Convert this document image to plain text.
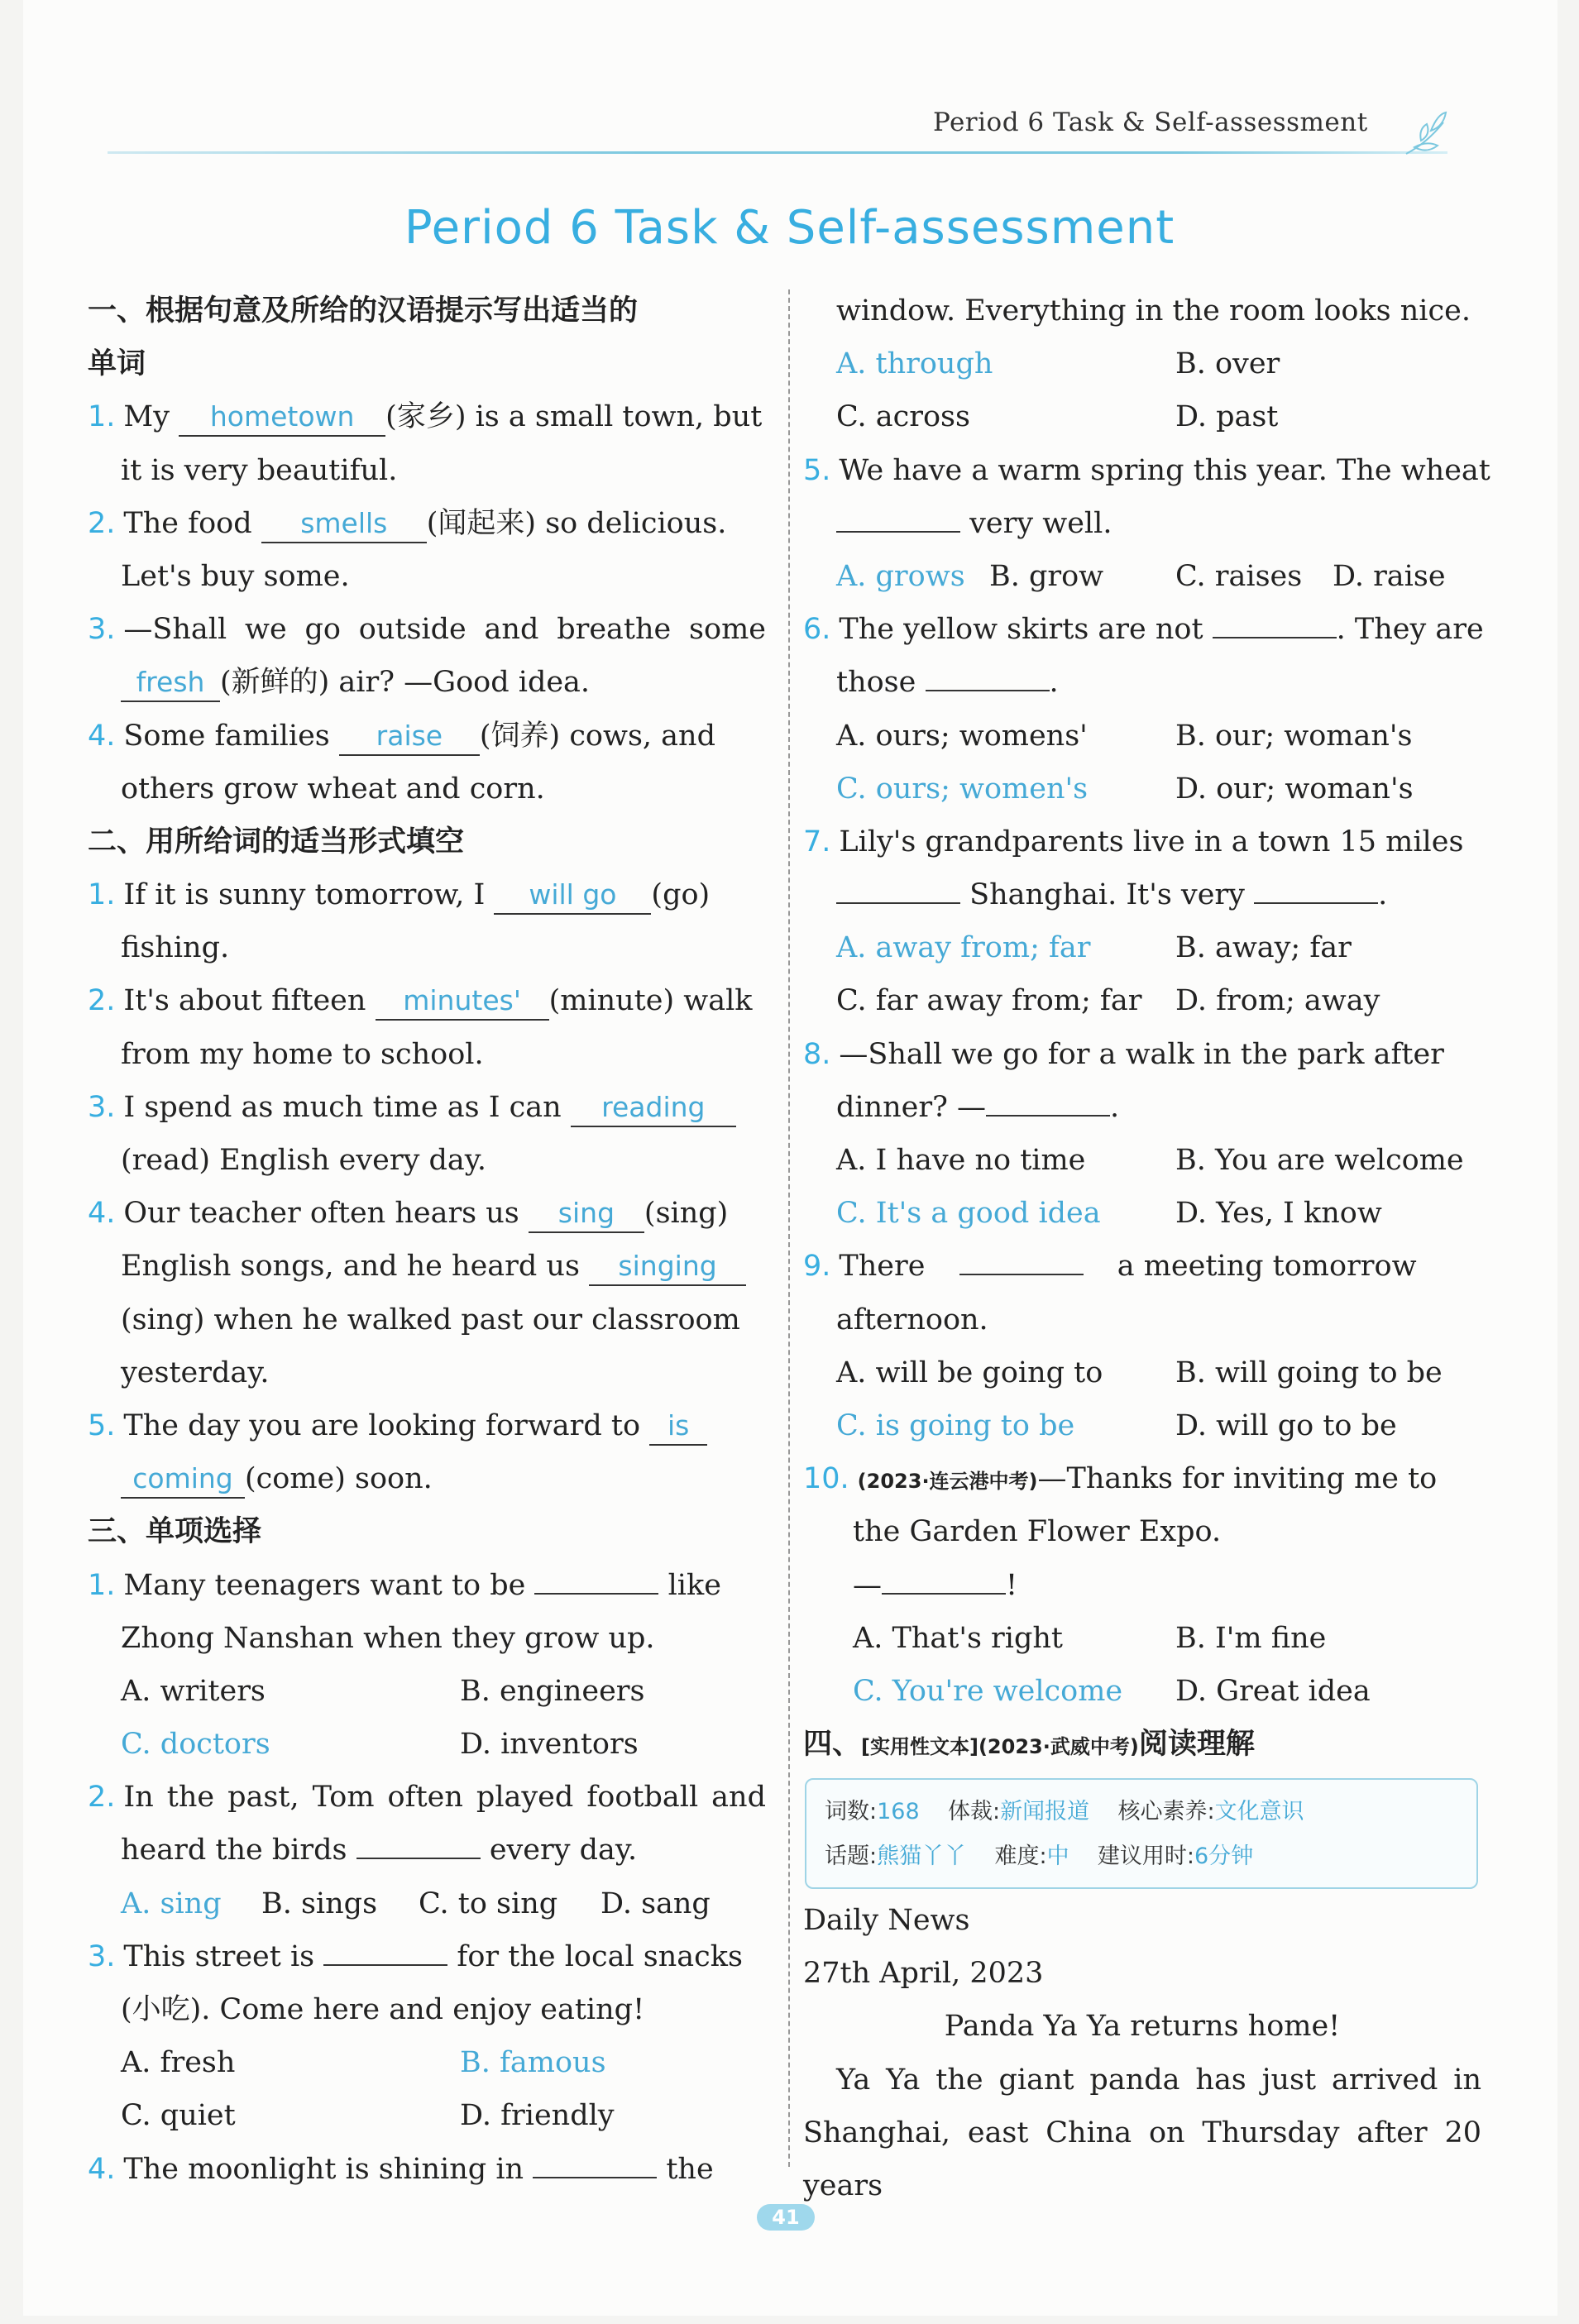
Period 6 Task & Self-assessment
Period 6 Task & Self-assessment
一、根据句意及所给的汉语提示写出适当的
单词
1. My hometown (家乡) is a small town, but
it is very beautiful.
2. The food smells (闻起来) so delicious.
Let's buy some.
3. —Shall we go outside and breathe some
fresh (新鲜的) air? —Good idea.
4. Some families raise (饲养) cows, and
others grow wheat and corn.
二、用所给词的适当形式填空
1. If it is sunny tomorrow, I will go (go)
fishing.
2. It's about fifteen minutes' (minute) walk
from my home to school.
3. I spend as much time as I can reading
(read) English every day.
4. Our teacher often hears us sing (sing)
English songs, and he heard us singing
(sing) when he walked past our classroom
yesterday.
5. The day you are looking forward to is
coming (come) soon.
三、单项选择
1. Many teenagers want to be	like
Zhong Nanshan when they grow up.
A. writers	B. engineers
C. doctors	D. inventors
2. In the past, Tom often played football and
heard the birds	every day.
A. sing B. sings C. to sing D. sang
3. This street is	for the local snacks
(小吃). Come here and enjoy eating!
A. fresh	B. famous
C. quiet	D. friendly
4. The moonlight is shining in	the
window. Everything in the room looks nice.
A. through	B. over
C. across	D. past
5. We have a warm spring this year. The wheat
very well.
A. grows B. grow C. raises D. raise
6. The yellow skirts are not	. They are
those	.
A. ours; womens'	B. our; woman's
C. ours; women's	D. our; woman's
7. Lily's grandparents live in a town 15 miles
Shanghai. It's very	.
A. away from; far	B. away; far
C. far away from; far D. from; away
8. —Shall we go for a walk in the park after
dinner? —	.
A. I have no time	B. You are welcome
C. It's a good idea	D. Yes, I know
9. There	a meeting tomorrow
afternoon.
A. will be going to	B. will going to be
C. is going to be	D. will go to be
10. (2023·连云港中考)—Thanks for inviting me to
the Garden Flower Expo.
—	!
A. That's right	B. I'm fine
C. You're welcome D. Great idea
四、[实用性文本](2023·武威中考)阅读理解
词数:168 体裁:新闻报道 核心素养:文化意识
话题:熊猫丫丫 难度:中 建议用时:6分钟
Daily News
27th April, 2023
Panda Ya Ya returns home!
Ya Ya the giant panda has just arrived in
Shanghai, east China on Thursday after 20 years
41
